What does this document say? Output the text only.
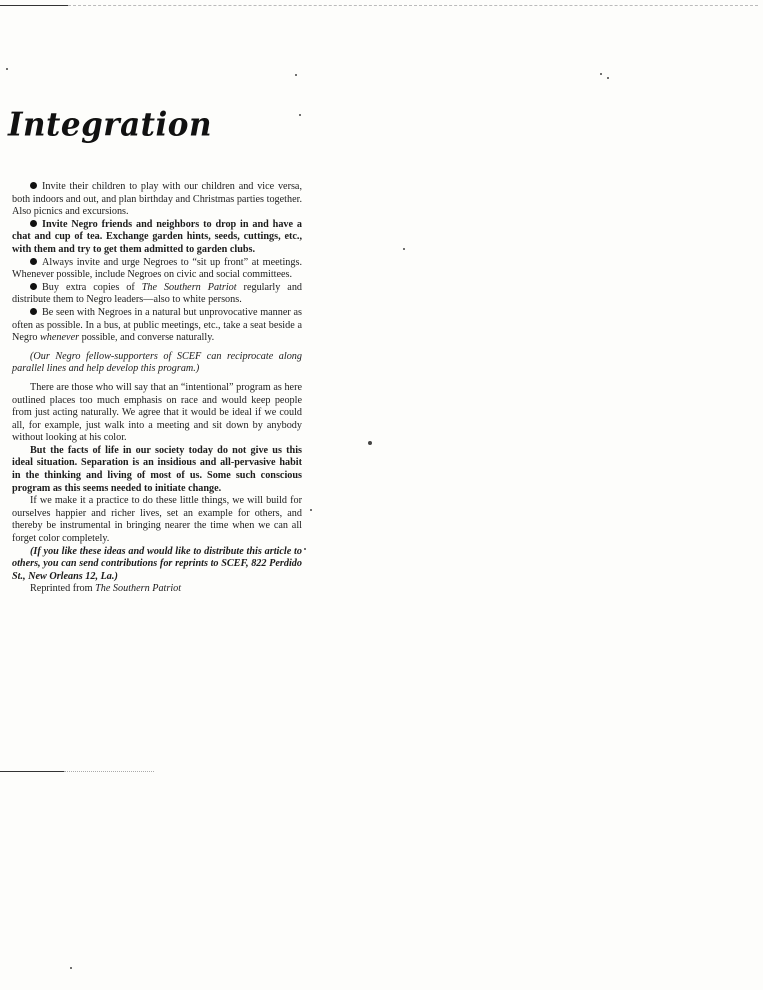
Integration

Invite their children to play with our children and vice versa, both indoors and out, and plan birthday and Christmas parties together. Also picnics and excursions.

Invite Negro friends and neighbors to drop in and have a chat and cup of tea. Exchange garden hints, seeds, cuttings, etc., with them and try to get them admitted to garden clubs.

Always invite and urge Negroes to “sit up front” at meetings. Whenever possible, include Negroes on civic and social committees.

Buy extra copies of The Southern Patriot regularly and distribute them to Negro leaders—also to white persons.

Be seen with Negroes in a natural but unprovocative manner as often as possible. In a bus, at public meetings, etc., take a seat beside a Negro whenever possible, and converse naturally.

(Our Negro fellow-supporters of SCEF can reciprocate along parallel lines and help develop this program.)

There are those who will say that an “intentional” program as here outlined places too much emphasis on race and would keep people from just acting naturally. We agree that it would be ideal if we could all, for example, just walk into a meeting and sit down by anybody without looking at his color.

But the facts of life in our society today do not give us this ideal situation. Separation is an insidious and all-pervasive habit in the thinking and living of most of us. Some such conscious program as this seems needed to initiate change.

If we make it a practice to do these little things, we will build for ourselves happier and richer lives, set an example for others, and thereby be instrumental in bringing nearer the time when we can all forget color completely.

(If you like these ideas and would like to distribute this article to others, you can send contributions for reprints to SCEF, 822 Perdido St., New Orleans 12, La.)

Reprinted from The Southern Patriot
